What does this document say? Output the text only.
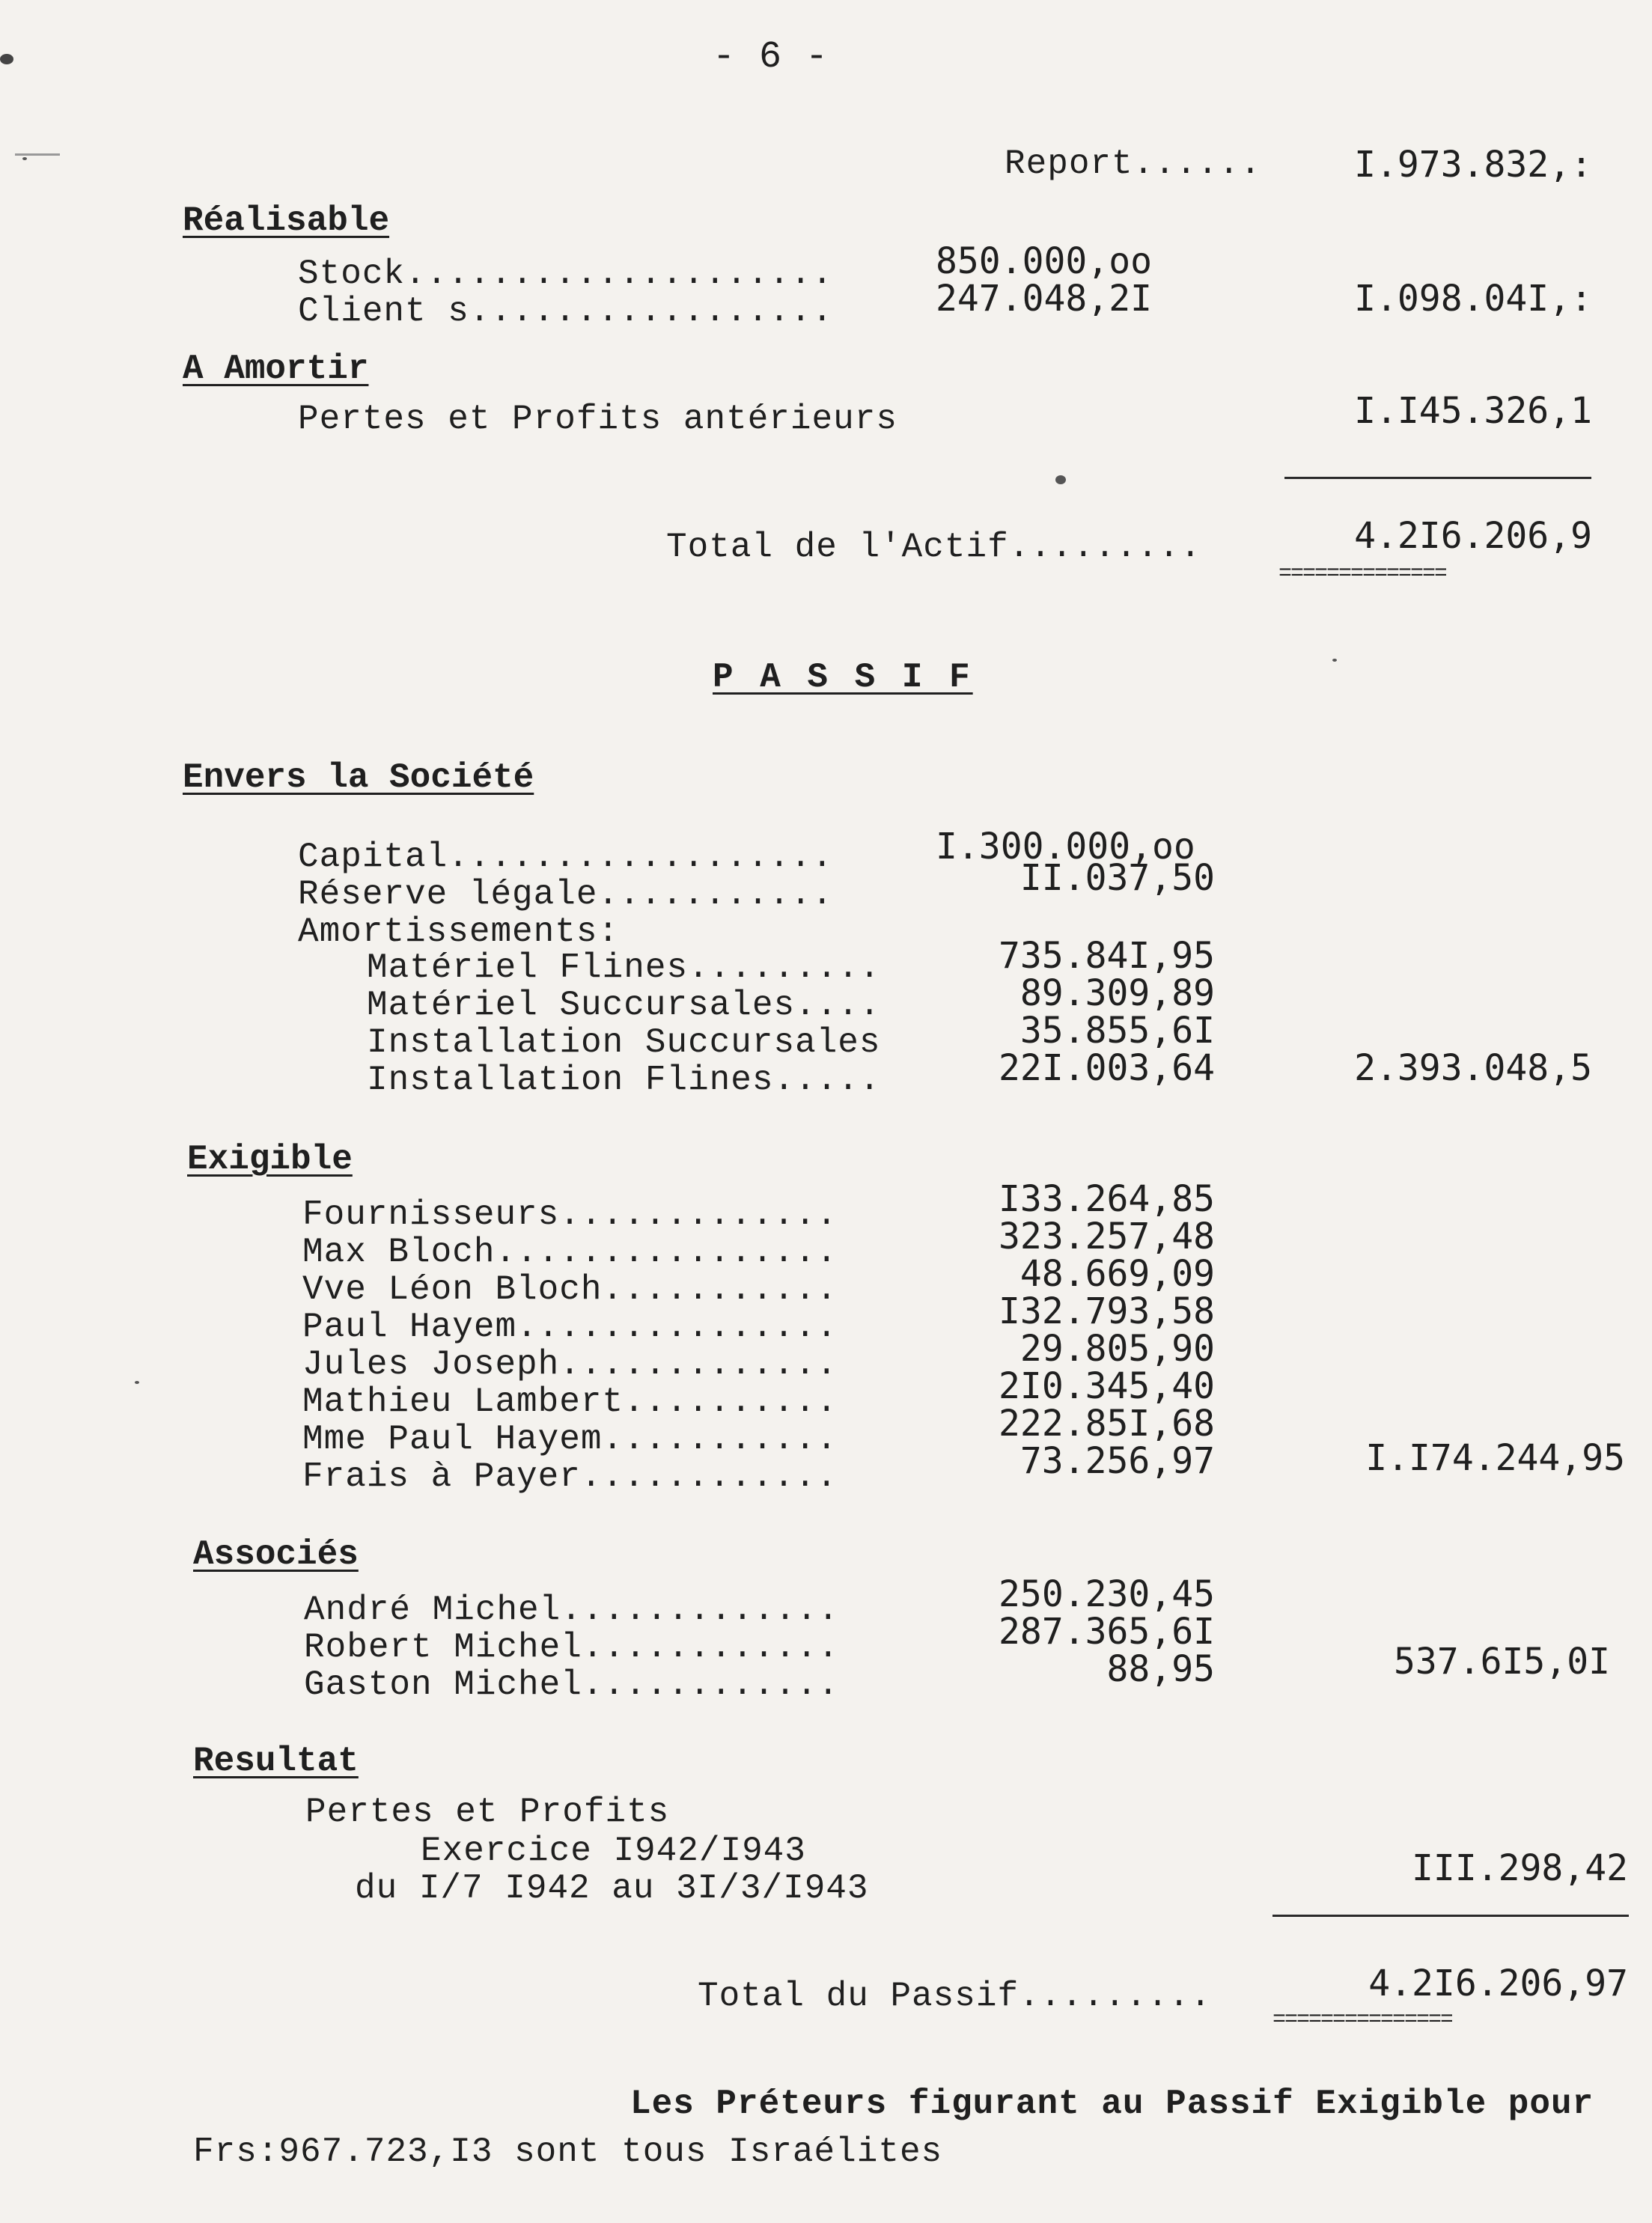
- 6 -
Report......	I.973.832,:
Réalisable
Stock....................	850.000,oo
Client s.................	247.048,2I	I.098.04I,:
A Amortir
Pertes et Profits antérieurs	I.I45.326,1
Total de l'Actif.........	4.2I6.206,9
==============
P A S S I F
Envers la Société
Capital..................	I.300.000,oo
Réserve légale...........	II.037,50
Amortissements:
Matériel Flines.........	735.84I,95
Matériel Succursales....	89.309,89
Installation Succursales	35.855,6I
Installation Flines.....	22I.003,64	2.393.048,5
Exigible
Fournisseurs.............	I33.264,85
Max Bloch................	323.257,48
Vve Léon Bloch...........	48.669,09
Paul Hayem...............	I32.793,58
Jules Joseph.............	29.805,90
Mathieu Lambert..........	2I0.345,40
Mme Paul Hayem...........	222.85I,68
Frais à Payer............	73.256,97	I.I74.244,95
Associés
André Michel.............	250.230,45
Robert Michel............	287.365,6I
Gaston Michel............	88,95	537.6I5,0I
Resultat
Pertes et Profits
Exercice I942/I943
du I/7 I942 au 3I/3/I943	III.298,42
Total du Passif.........	4.2I6.206,97
===============
Les Préteurs figurant au Passif Exigible pour
Frs:967.723,I3 sont tous Israélites
